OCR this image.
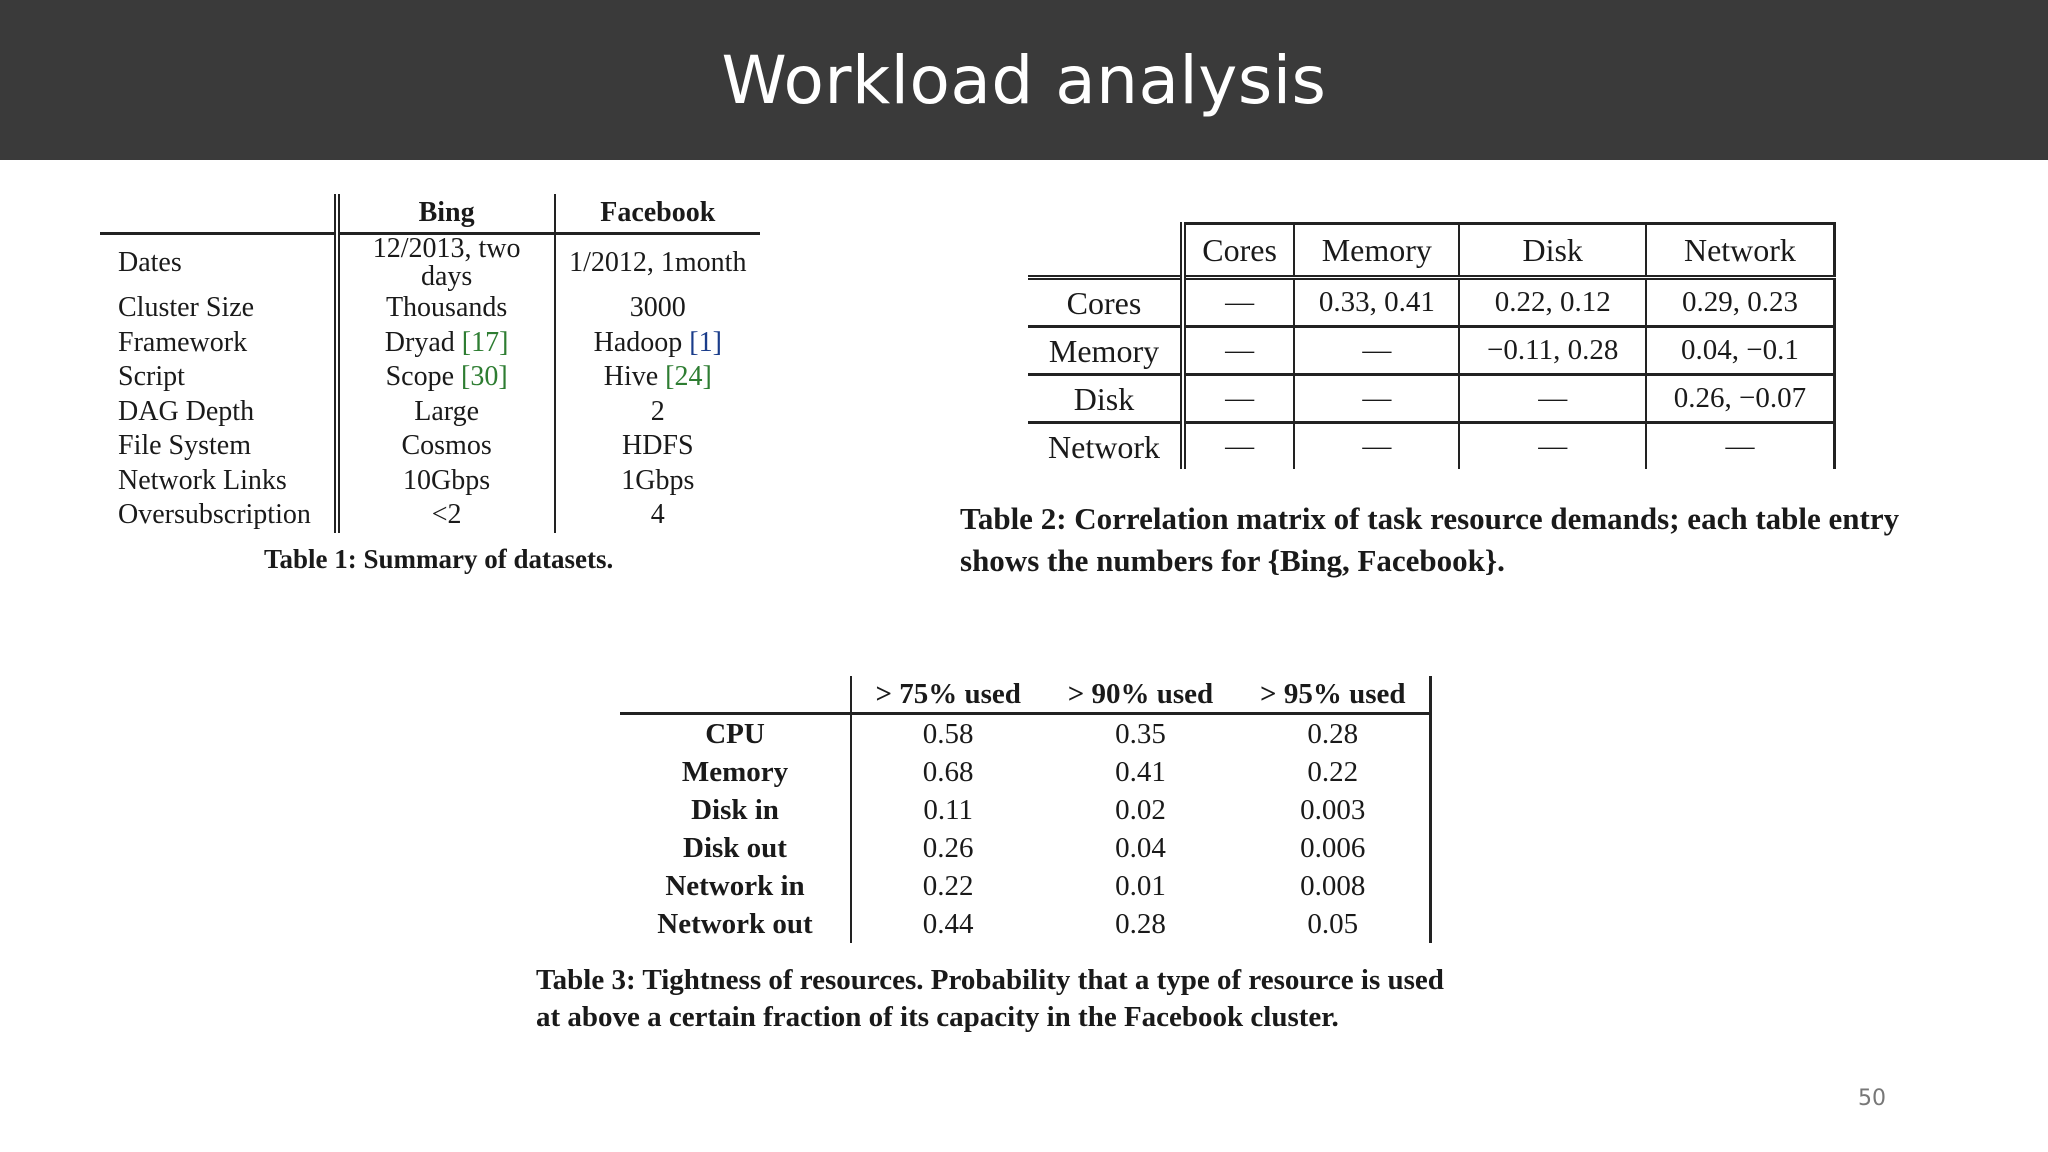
Workload analysis
	Bing	Facebook
Dates	12/2013, two days	1/2012, 1month
Cluster Size	Thousands	3000
Framework	Dryad [17]	Hadoop [1]
Script	Scope [30]	Hive [24]
DAG Depth	Large	2
File System	Cosmos	HDFS
Network Links	10Gbps	1Gbps
Oversubscription	<2	4
Table 1: Summary of datasets.
	Cores	Memory	Disk	Network
Cores	—	0.33, 0.41	0.22, 0.12	0.29, 0.23
Memory	—	—	−0.11, 0.28	0.04, −0.1
Disk	—	—	—	0.26, −0.07
Network	—	—	—	—
Table 2: Correlation matrix of task resource demands; each table entry
shows the numbers for {Bing, Facebook}.
	> 75% used	> 90% used	> 95% used
CPU	0.58	0.35	0.28
Memory	0.68	0.41	0.22
Disk in	0.11	0.02	0.003
Disk out	0.26	0.04	0.006
Network in	0.22	0.01	0.008
Network out	0.44	0.28	0.05
Table 3: Tightness of resources. Probability that a type of resource is used
at above a certain fraction of its capacity in the Facebook cluster.
50
